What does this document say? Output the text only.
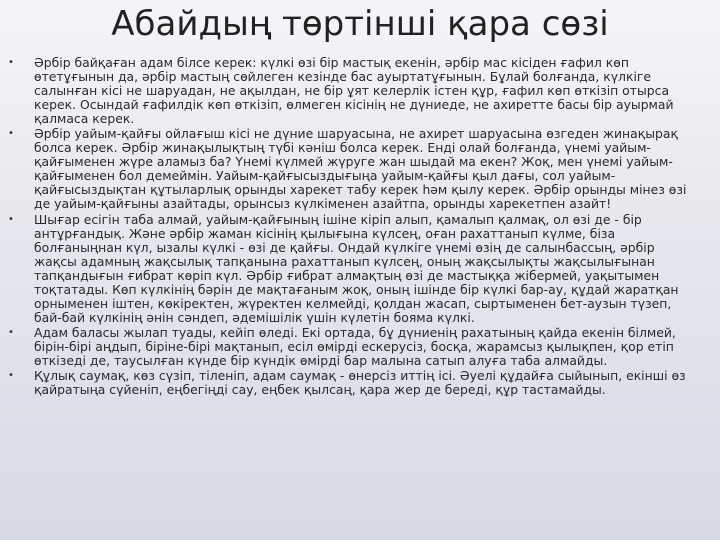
Абайдың төртінші қара сөзі
• Әрбір байқаған адам білсе керек: күлкі өзі бір мастық екенін, әрбір мас кісіден ғафил көп өтетұғынын да, әрбір мастың сөйлеген кезінде бас ауыртатұғынын. Бұлай болғанда, күлкіге салынған кісі не шаруадан, не ақылдан, не бір ұят келерлік істен құр, ғафил көп өткізіп отырса керек. Осындай ғафилдік көп өткізіп, өлмеген кісінің не дүниеде, не ахиретте басы бір ауырмай қалмаса керек.
• Әрбір уайым-қайғы ойлағыш кісі не дүние шаруасына, не ахирет шаруасына өзгеден жинақырақ болса керек. Әрбір жинақылықтың түбі кәніш болса керек. Енді олай болғанда, үнемі уайым-қайғыменен жүре аламыз ба? Үнемі күлмей жүруге жан шыдай ма екен? Жоқ, мен үнемі уайым-қайғыменен бол демеймін. Уайым-қайғысыздығыңа уайым-қайғы қыл дағы, сол уайым-қайғысыздықтан құтыларлық орынды харекет табу керек һәм қылу керек. Әрбір орынды мінез өзі де уайым-қайғыны азайтады, орынсыз күлкіменен азайтпа, орынды харекетпен азайт!
• Шығар есігін таба алмай, уайым-қайғының ішіне кіріп алып, қамалып қалмақ, ол өзі де - бір антұрғандық. Және әрбір жаман кісінің қылығына күлсең, оған рахаттанып күлме, біза болғаныңнан күл, ызалы күлкі - өзі де қайғы. Ондай күлкіге үнемі өзің де салынбассың, әрбір жақсы адамның жақсылық тапқанына рахаттанып күлсең, оның жақсылықты жақсылығынан тапқандығын ғибрат көріп күл. Әрбір ғибрат алмақтың өзі де мастыққа жібермей, уақытымен тоқтатады. Көп күлкінің бәрін де мақтағаным жоқ, оның ішінде бір күлкі бар-ау, құдай жаратқан орныменен іштен, көкіректен, жүректен келмейді, қолдан жасап, сыртыменен бет-аузын түзеп, бай-бай күлкінің әнін сәндеп, әдемішілік үшін күлетін бояма күлкі.
• Адам баласы жылап туады, кейіп өледі. Екі ортада, бұ дүниенің рахатының қайда екенін білмей, бірін-бірі аңдып, біріне-бірі мақтанып, есіл өмірді ескерусіз, босқа, жарамсыз қылықпен, қор етіп өткізеді де, таусылған күнде бір күндік өмірді бар малына сатып алуға таба алмайды.
• Құлық саумақ, көз сүзіп, тіленіп, адам саумақ - өнерсіз иттің ісі. Әуелі құдайға сыйынып, екінші өз қайратыңа сүйеніп, еңбегіңді сау, еңбек қылсаң, қара жер де береді, құр тастамайды.
